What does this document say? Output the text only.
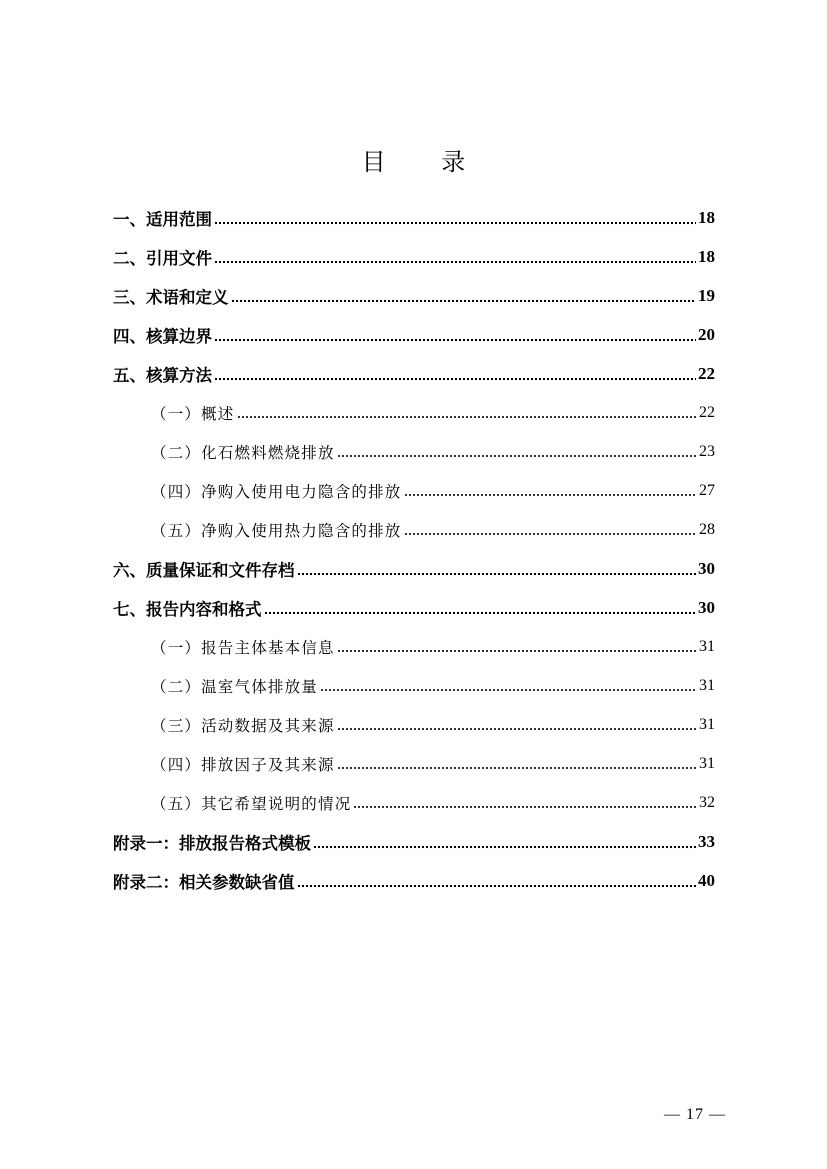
目 录
一、适用范围	18
二、引用文件	18
三、术语和定义	19
四、核算边界	20
五、核算方法	22
（一）概述	22
（二）化石燃料燃烧排放	23
（四）净购入使用电力隐含的排放	27
（五）净购入使用热力隐含的排放	28
六、质量保证和文件存档	30
七、报告内容和格式	30
（一）报告主体基本信息	31
（二）温室气体排放量	31
（三）活动数据及其来源	31
（四）排放因子及其来源	31
（五）其它希望说明的情况	32
附录一：排放报告格式模板	33
附录二：相关参数缺省值	40
— 17 —
